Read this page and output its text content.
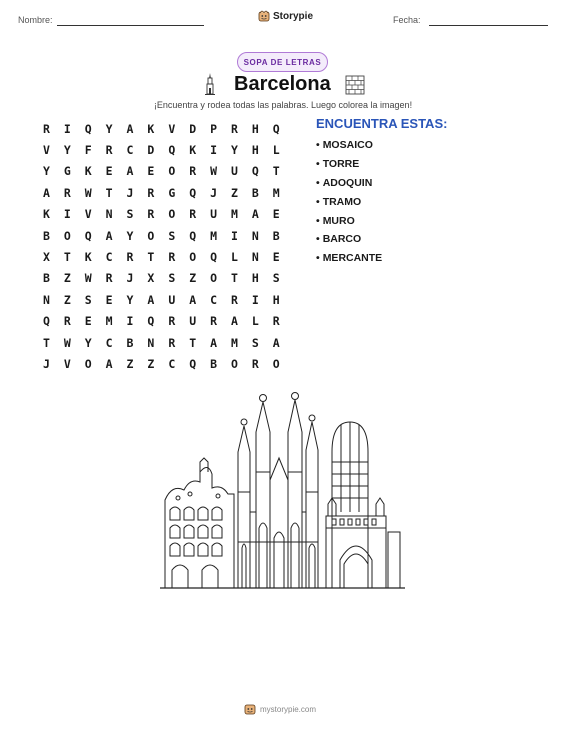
Nombre:	Storypie	Fecha:
SOPA DE LETRAS
Barcelona
¡Encuentra y rodea todas las palabras. Luego colorea la imagen!
R	I	Q	Y	A	K	V	D	P	R	H	Q
V	Y	F	R	C	D	Q	K	I	Y	H	L
Y	G	K	E	A	E	O	R	W	U	Q	T
A	R	W	T	J	R	G	Q	J	Z	B	M
K	I	V	N	S	R	O	R	U	M	A	E
B	O	Q	A	Y	O	S	Q	M	I	N	B
X	T	K	C	R	T	R	O	Q	L	N	E
B	Z	W	R	J	X	S	Z	O	T	H	S
N	Z	S	E	Y	A	U	A	C	R	I	H
Q	R	E	M	I	Q	R	U	R	A	L	R
T	W	Y	C	B	N	R	T	A	M	S	A
J	V	O	A	Z	Z	C	Q	B	O	R	O
ENCUENTRA ESTAS:
• MOSAICO
• TORRE
• ADOQUIN
• TRAMO
• MURO
• BARCO
• MERCANTE
mystorypie.com
